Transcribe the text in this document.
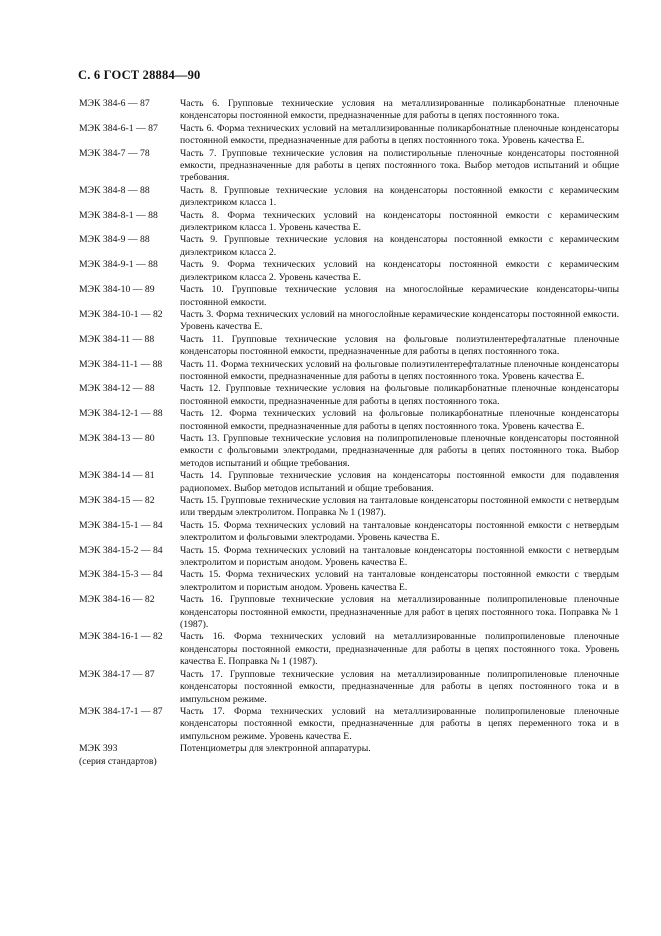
С. 6 ГОСТ 28884—90
МЭК 384-6 — 87	Часть 6. Групповые технические условия на металлизированные поликарбонатные пленочные конденсаторы постоянной емкости, предназначенные для работы в цепях постоянного тока.
МЭК 384-6-1 — 87	Часть 6. Форма технических условий на металлизированные поликарбонатные пленочные конденсаторы постоянной емкости, предназначенные для работы в цепях постоянного тока. Уровень качества Е.
МЭК 384-7 — 78	Часть 7. Групповые технические условия на полистирольные пленочные конденсаторы постоянной емкости, предназначенные для работы в цепях постоянного тока. Выбор методов испытаний и общие требования.
МЭК 384-8 — 88	Часть 8. Групповые технические условия на конденсаторы постоянной емкости с керамическим диэлектриком класса 1.
МЭК 384-8-1 — 88	Часть 8. Форма технических условий на конденсаторы постоянной емкости с керамическим диэлектриком класса 1. Уровень качества Е.
МЭК 384-9 — 88	Часть 9. Групповые технические условия на конденсаторы постоянной емкости с керамическим диэлектриком класса 2.
МЭК 384-9-1 — 88	Часть 9. Форма технических условий на конденсаторы постоянной емкости с керамическим диэлектриком класса 2. Уровень качества Е.
МЭК 384-10 — 89	Часть 10. Групповые технические условия на многослойные керамические конденсаторы-чипы постоянной емкости.
МЭК 384-10-1 — 82	Часть 3. Форма технических условий на многослойные керамические конденсаторы постоянной емкости. Уровень качества Е.
МЭК 384-11 — 88	Часть 11. Групповые технические условия на фольговые полиэтилентерефталатные пленочные конденсаторы постоянной емкости, предназначенные для работы в цепях постоянного тока.
МЭК 384-11-1 — 88	Часть 11. Форма технических условий на фольговые полиэтилентерефталатные пленочные конденсаторы постоянной емкости, предназначенные для работы в цепях постоянного тока. Уровень качества Е.
МЭК 384-12 — 88	Часть 12. Групповые технические условия на фольговые поликарбонатные пленочные конденсаторы постоянной емкости, предназначенные для работы в цепях постоянного тока.
МЭК 384-12-1 — 88	Часть 12. Форма технических условий на фольговые поликарбонатные пленочные конденсаторы постоянной емкости, предназначенные для работы в цепях постоянного тока. Уровень качества Е.
МЭК 384-13 — 80	Часть 13. Групповые технические условия на полипропиленовые пленочные конденсаторы постоянной емкости с фольговыми электродами, предназначенные для работы в цепях постоянного тока. Выбор методов испытаний и общие требования.
МЭК 384-14 — 81	Часть 14. Групповые технические условия на конденсаторы постоянной емкости для подавления радиопомех. Выбор методов испытаний и общие требования.
МЭК 384-15 — 82	Часть 15. Групповые технические условия на танталовые конденсаторы постоянной емкости с нетвердым или твердым электролитом. Поправка № 1 (1987).
МЭК 384-15-1 — 84	Часть 15. Форма технических условий на танталовые конденсаторы постоянной емкости с нетвердым электролитом и фольговыми электродами. Уровень качества Е.
МЭК 384-15-2 — 84	Часть 15. Форма технических условий на танталовые конденсаторы постоянной емкости с нетвердым электролитом и пористым анодом. Уровень качества Е.
МЭК 384-15-3 — 84	Часть 15. Форма технических условий на танталовые конденсаторы постоянной емкости с твердым электролитом и пористым анодом. Уровень качества Е.
МЭК 384-16 — 82	Часть 16. Групповые технические условия на металлизированные полипропиленовые пленочные конденсаторы постоянной емкости, предназначенные для работ в цепях постоянного тока. Поправка № 1 (1987).
МЭК 384-16-1 — 82	Часть 16. Форма технических условий на металлизированные полипропиленовые пленочные конденсаторы постоянной емкости, предназначенные для работы в цепях постоянного тока. Уровень качества Е. Поправка № 1 (1987).
МЭК 384-17 — 87	Часть 17. Групповые технические условия на металлизированные полипропиленовые пленочные конденсаторы постоянной емкости, предназначенные для работы в цепях постоянного тока и в импульсном режиме.
МЭК 384-17-1 — 87	Часть 17. Форма технических условий на металлизированные полипропиленовые пленочные конденсаторы постоянной емкости, предназначенные для работы в цепях переменного тока и в импульсном режиме. Уровень качества Е.
МЭК 393	Потенциометры для электронной аппаратуры.
(серия стандартов)
